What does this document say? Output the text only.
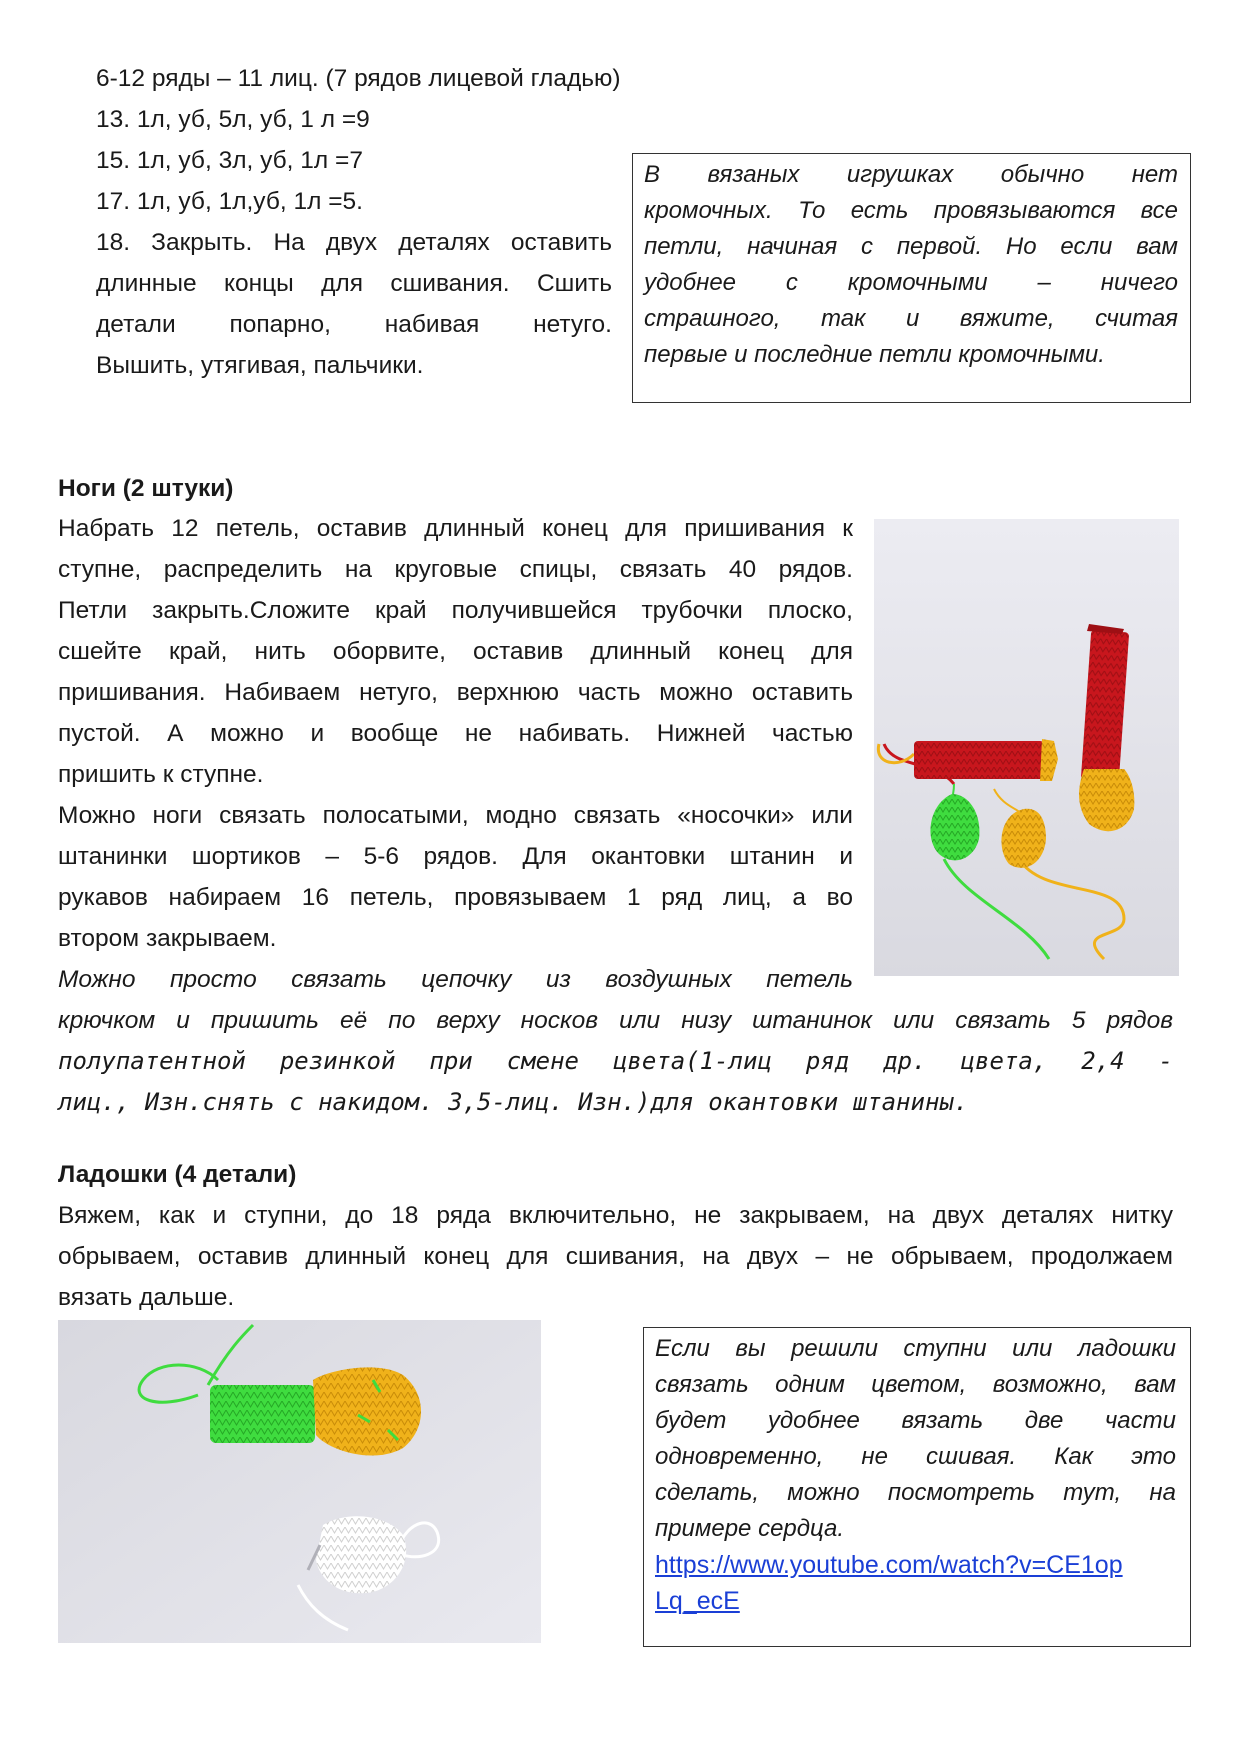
6-12 ряды – 11 лиц. (7 рядов лицевой гладью)
13. 1л, уб, 5л, уб, 1 л =9
15. 1л, уб, 3л, уб, 1л =7
17. 1л, уб, 1л,уб, 1л =5.
18. Закрыть. На двух деталях оставить
длинные концы для сшивания. Сшить
детали попарно, набивая нетуго.
Вышить, утягивая, пальчики.
В вязаных игрушках обычно нет
кромочных. То есть провязываются все
петли, начиная с первой. Но если вам
удобнее с кромочными – ничего
страшного, так и вяжите, считая
первые и последние петли кромочными.
Ноги (2 штуки)
Набрать 12 петель, оставив длинный конец для пришивания к
ступне, распределить на круговые спицы, связать 40 рядов.
Петли закрыть.Сложите край получившейся трубочки плоско,
сшейте край, нить оборвите, оставив длинный конец для
пришивания. Набиваем нетуго, верхнюю часть можно оставить
пустой. А можно и вообще не набивать. Нижней частью
пришить к ступне.
Можно ноги связать полосатыми, модно связать «носочки» или
штанинки шортиков – 5-6 рядов. Для окантовки штанин и
рукавов набираем 16 петель, провязываем 1 ряд лиц, а во
втором закрываем.
Можно просто связать цепочку из воздушных петель
крючком и пришить её по верху носков или низу штанинок или связать 5 рядов
полупатентной резинкой при смене цвета(1-лиц ряд др. цвета, 2,4 -
лиц., Изн.снять с накидом. 3,5-лиц. Изн.)для окантовки штанины.
Ладошки (4 детали)
Вяжем, как и ступни, до 18 ряда включительно, не закрываем, на двух деталях нитку
обрываем, оставив длинный конец для сшивания, на двух – не обрываем, продолжаем
вязать дальше.
Если вы решили ступни или ладошки
связать одним цветом, возможно, вам
будет удобнее вязать две части
одновременно, не сшивая. Как это
сделать, можно посмотреть тут, на
примере сердца.
https://www.youtube.com/watch?v=CE1op
Lq_ecE
